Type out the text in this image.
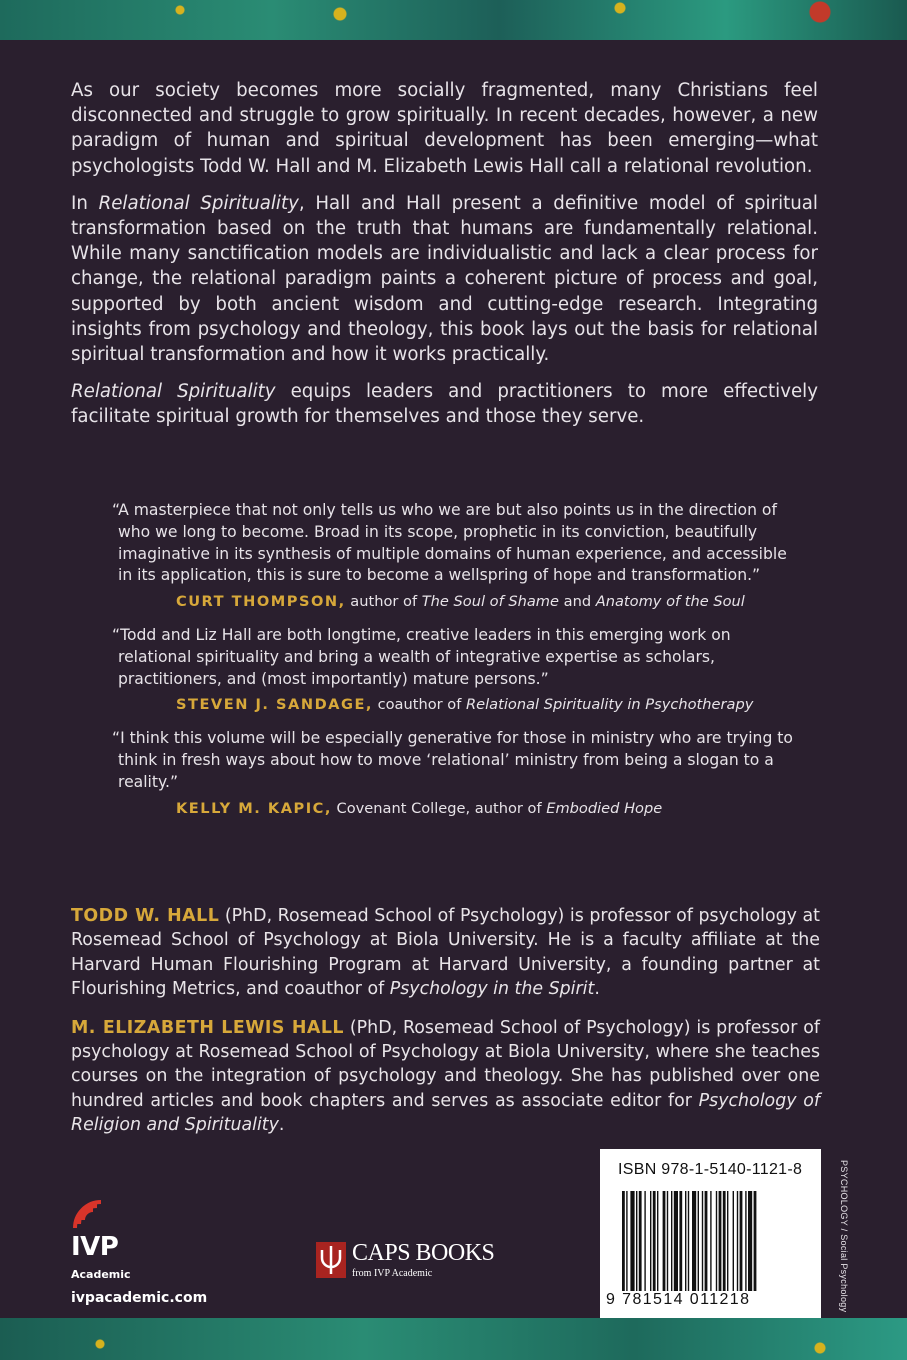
As our society becomes more socially fragmented, many Christians feel disconnected and struggle to grow spiritually. In recent decades, however, a new paradigm of human and spiritual development has been emerging—what psychologists Todd W. Hall and M. Elizabeth Lewis Hall call a relational revolution.

In Relational Spirituality, Hall and Hall present a definitive model of spiritual transformation based on the truth that humans are fundamentally relational. While many sanctification models are individualistic and lack a clear process for change, the relational paradigm paints a coherent picture of process and goal, supported by both ancient wisdom and cutting-edge research. Integrating insights from psychology and theology, this book lays out the basis for relational spiritual transformation and how it works practically.

Relational Spirituality equips leaders and practitioners to more effectively facilitate spiritual growth for themselves and those they serve.

“A masterpiece that not only tells us who we are but also points us in the direction of who we long to become. Broad in its scope, prophetic in its conviction, beautifully imaginative in its synthesis of multiple domains of human experience, and accessible in its application, this is sure to become a wellspring of hope and transformation.”

CURT THOMPSON, author of The Soul of Shame and Anatomy of the Soul

“Todd and Liz Hall are both longtime, creative leaders in this emerging work on relational spirituality and bring a wealth of integrative expertise as scholars, practitioners, and (most importantly) mature persons.”

STEVEN J. SANDAGE, coauthor of Relational Spirituality in Psychotherapy

“I think this volume will be especially generative for those in ministry who are trying to think in fresh ways about how to move ‘relational’ ministry from being a slogan to a reality.”

KELLY M. KAPIC, Covenant College, author of Embodied Hope

TODD W. HALL (PhD, Rosemead School of Psychology) is professor of psychology at Rosemead School of Psychology at Biola University. He is a faculty affiliate at the Harvard Human Flourishing Program at Harvard University, a founding partner at Flourishing Metrics, and coauthor of Psychology in the Spirit.

M. ELIZABETH LEWIS HALL (PhD, Rosemead School of Psychology) is professor of psychology at Rosemead School of Psychology at Biola University, where she teaches courses on the integration of psychology and theology. She has published over one hundred articles and book chapters and serves as associate editor for Psychology of Religion and Spirituality.

IVP
Academic
ivpacademic.com
CAPS BOOKS
from IVP Academic
ISBN 978-1-5140-1121-8
9 781514 011218	PSYCHOLOGY / Social Psychology
